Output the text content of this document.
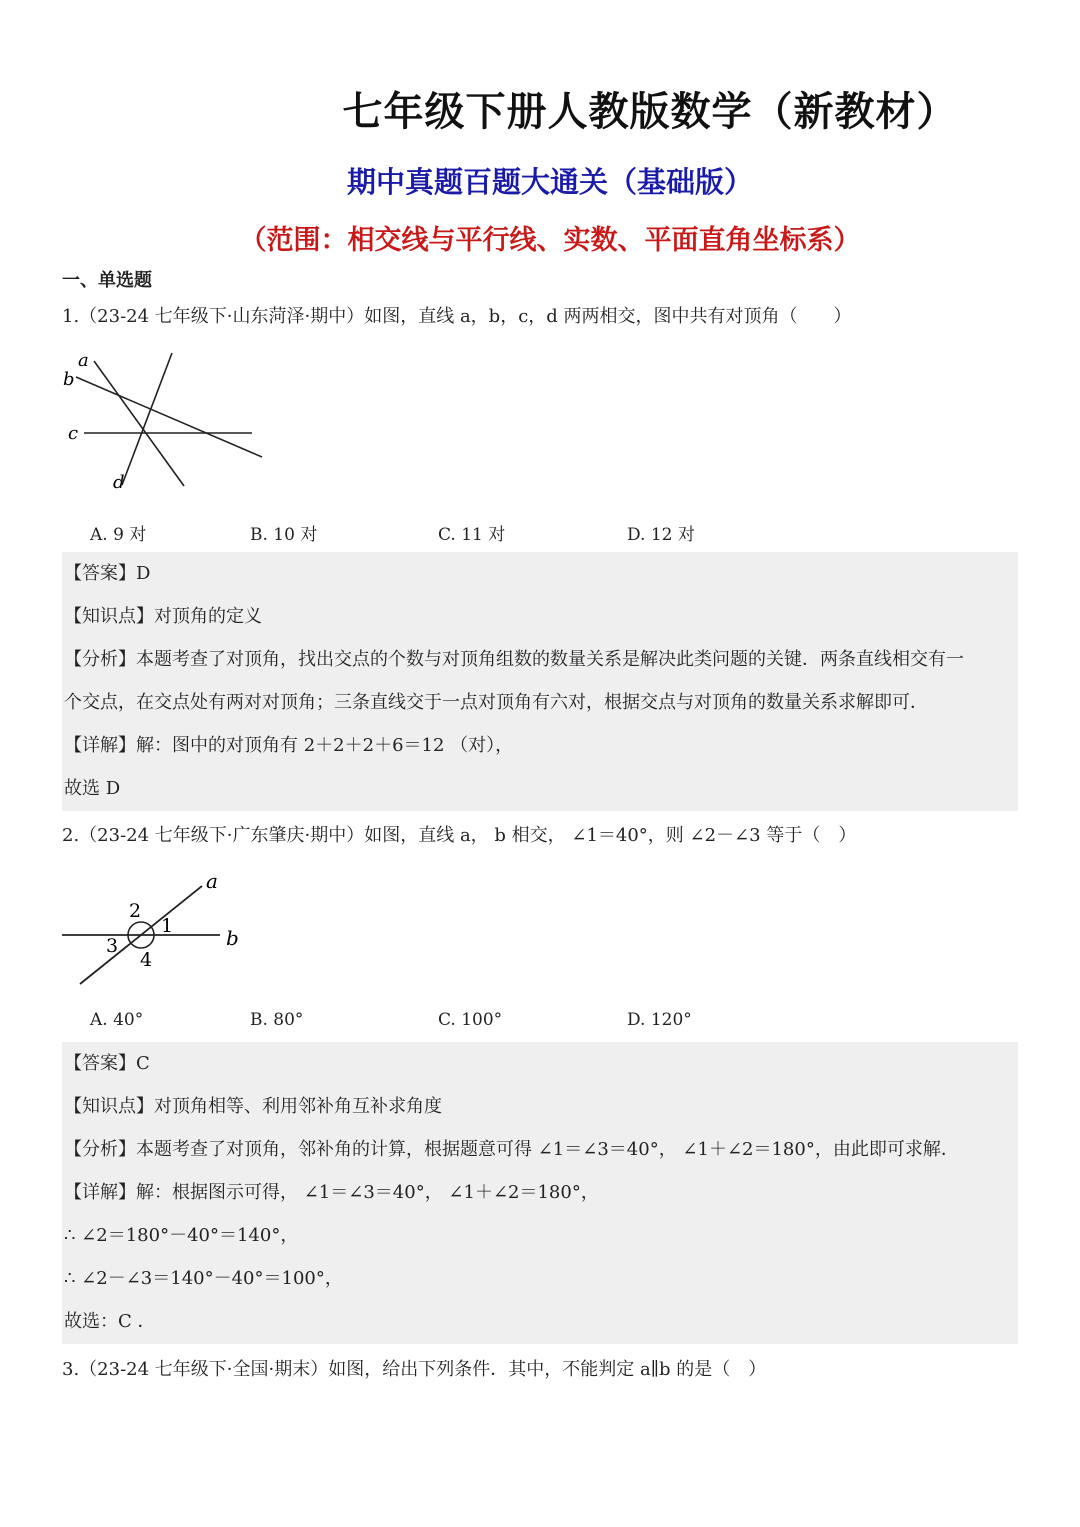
七年级下册人教版数学（新教材）
期中真题百题大通关（基础版）
（范围：相交线与平行线、实数、平面直角坐标系）
一、单选题
1.（23-24 七年级下·山东菏泽·期中）如图，直线 a，b，c，d 两两相交，图中共有对顶角（　　）
a
b
c
d
A. 9 对	B. 10 对	C. 11 对	D. 12 对

【答案】D

【知识点】对顶角的定义

【分析】本题考查了对顶角，找出交点的个数与对顶角组数的数量关系是解决此类问题的关键．两条直线相交有一

个交点，在交点处有两对对顶角；三条直线交于一点对顶角有六对，根据交点与对顶角的数量关系求解即可．

【详解】解：图中的对顶角有 2＋2＋2＋6＝12 （对），

故选 D

2.（23-24 七年级下·广东肇庆·期中）如图，直线 a， b 相交， ∠1＝40°，则 ∠2－∠3 等于（　）
a
b
1
2
3
4
A. 40°	B. 80°	C. 100°	D. 120°

【答案】C

【知识点】对顶角相等、利用邻补角互补求角度

【分析】本题考查了对顶角，邻补角的计算，根据题意可得 ∠1＝∠3＝40°， ∠1＋∠2＝180°，由此即可求解．

【详解】解：根据图示可得， ∠1＝∠3＝40°， ∠1＋∠2＝180°，

∴ ∠2＝180°－40°＝140°，

∴ ∠2－∠3＝140°－40°＝100°，

故选：C ．

3.（23-24 七年级下·全国·期末）如图，给出下列条件．其中，不能判定 a∥b 的是（　）
